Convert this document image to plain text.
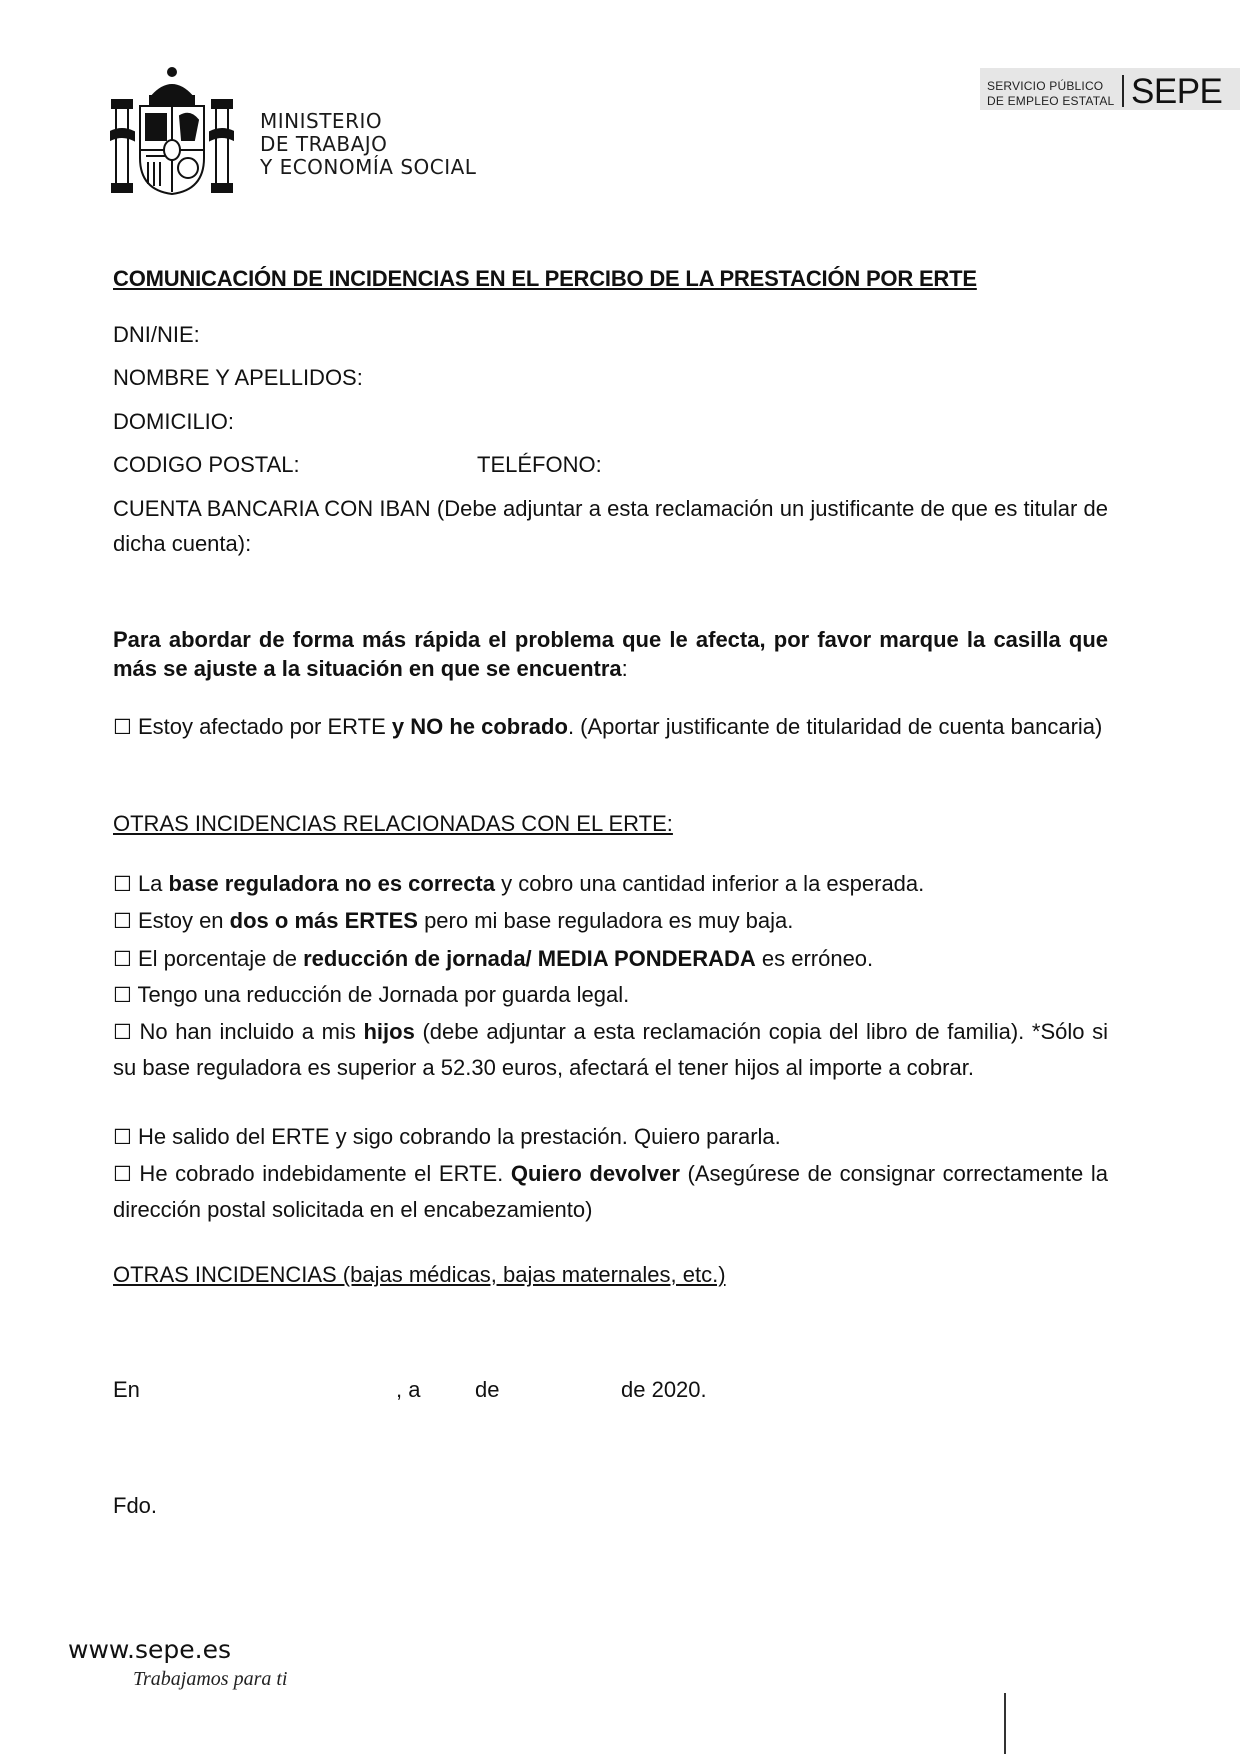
MINISTERIO
DE TRABAJO
Y ECONOMÍA SOCIAL
SERVICIO PÚBLICO
DE EMPLEO ESTATAL SEPE
COMUNICACIÓN DE INCIDENCIAS EN EL PERCIBO DE LA PRESTACIÓN POR ERTE
DNI/NIE:
NOMBRE Y APELLIDOS:
DOMICILIO:
CODIGO POSTAL:	TELÉFONO:
CUENTA BANCARIA CON IBAN (Debe adjuntar a esta reclamación un justificante de que es titular de dicha cuenta):
Para abordar de forma más rápida el problema que le afecta, por favor marque la casilla que más se ajuste a la situación en que se encuentra:
☐ Estoy afectado por ERTE y NO he cobrado. (Aportar justificante de titularidad de cuenta bancaria)
OTRAS INCIDENCIAS RELACIONADAS CON EL ERTE:
☐ La base reguladora no es correcta y cobro una cantidad inferior a la esperada.
☐ Estoy en dos o más ERTES pero mi base reguladora es muy baja.
☐ El porcentaje de reducción de jornada/ MEDIA PONDERADA es erróneo.
☐ Tengo una reducción de Jornada por guarda legal.
☐ No han incluido a mis hijos (debe adjuntar a esta reclamación copia del libro de familia). *Sólo si su base reguladora es superior a 52.30 euros, afectará el tener hijos al importe a cobrar.
☐ He salido del ERTE y sigo cobrando la prestación. Quiero pararla.
☐ He cobrado indebidamente el ERTE. Quiero devolver (Asegúrese de consignar correctamente la dirección postal solicitada en el encabezamiento)
OTRAS INCIDENCIAS (bajas médicas, bajas maternales, etc.)
En	, a de	de 2020.
Fdo.
www.sepe.es
Trabajamos para ti
